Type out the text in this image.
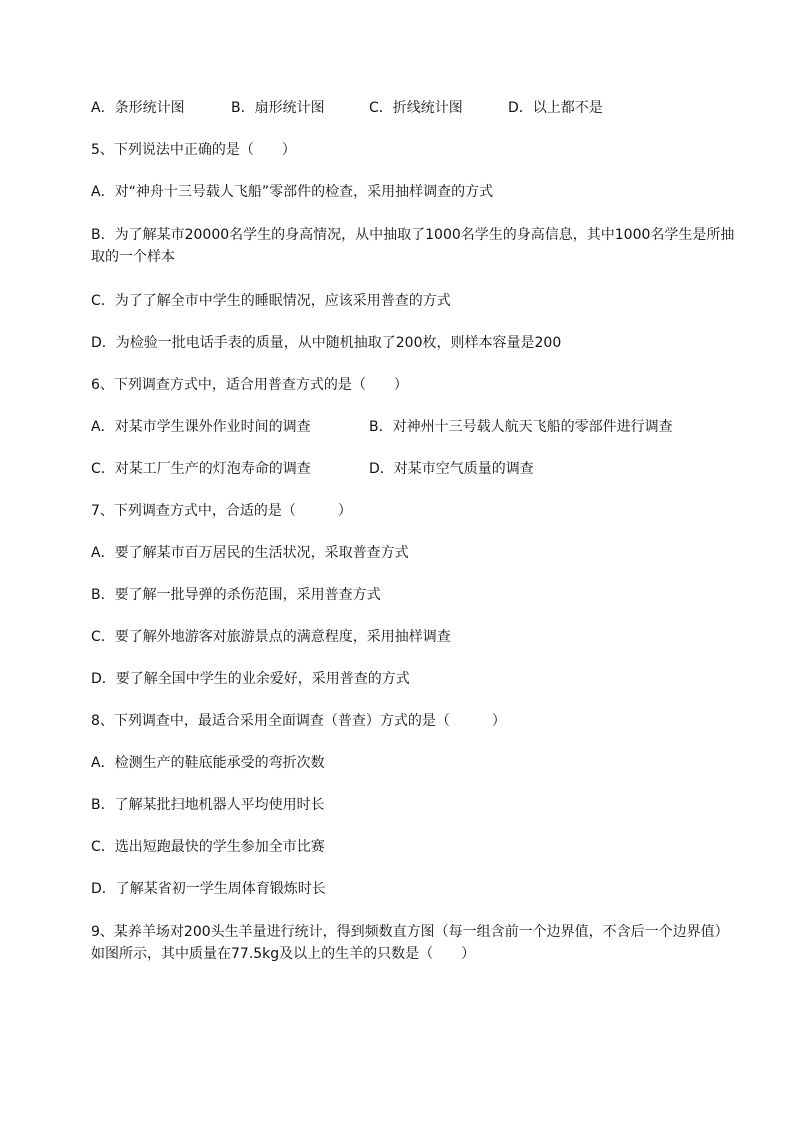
A．条形统计图	B．扇形统计图	C．折线统计图	D．以上都不是
5、下列说法中正确的是（　　）
A．对“神舟十三号载人飞船”零部件的检查，采用抽样调查的方式
B．为了解某市20000名学生的身高情况，从中抽取了1000名学生的身高信息，其中1000名学生是所抽取的一个样本
C．为了了解全市中学生的睡眠情况，应该采用普查的方式
D．为检验一批电话手表的质量，从中随机抽取了200枚，则样本容量是200
6、下列调查方式中，适合用普查方式的是（　　）
A．对某市学生课外作业时间的调查	B．对神州十三号载人航天飞船的零部件进行调查
C．对某工厂生产的灯泡寿命的调查	D．对某市空气质量的调查
7、下列调查方式中，合适的是（　　　）
A．要了解某市百万居民的生活状况，采取普查方式
B．要了解一批导弹的杀伤范围，采用普查方式
C．要了解外地游客对旅游景点的满意程度，采用抽样调查
D．要了解全国中学生的业余爱好，采用普查的方式
8、下列调查中，最适合采用全面调查（普查）方式的是（　　　）
A．检测生产的鞋底能承受的弯折次数
B．了解某批扫地机器人平均使用时长
C．选出短跑最快的学生参加全市比赛
D．了解某省初一学生周体育锻炼时长
9、某养羊场对200头生羊量进行统计，得到频数直方图（每一组含前一个边界值，不含后一个边界值）如图所示，其中质量在77.5kg及以上的生羊的只数是（　　）
